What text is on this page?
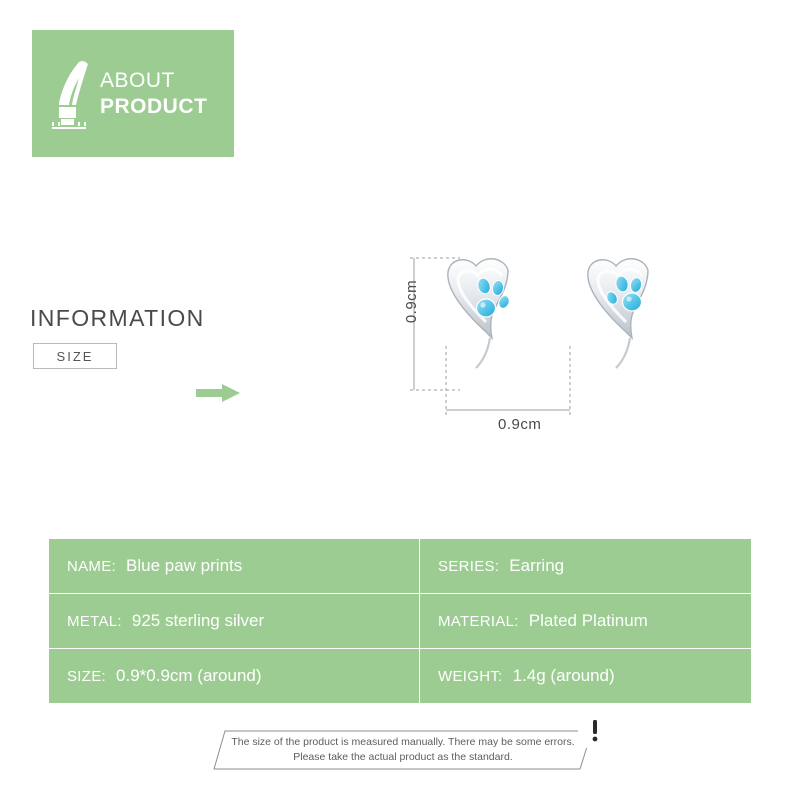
ABOUT
PRODUCT
INFORMATION
SIZE
0.9cm
0.9cm
NAME: Blue paw prints	SERIES: Earring
METAL: 925 sterling silver	MATERIAL: Plated Platinum
SIZE: 0.9*0.9cm (around)	WEIGHT: 1.4g (around)
The size of the product is measured manually. There may be some errors.
Please take the actual product as the standard.
